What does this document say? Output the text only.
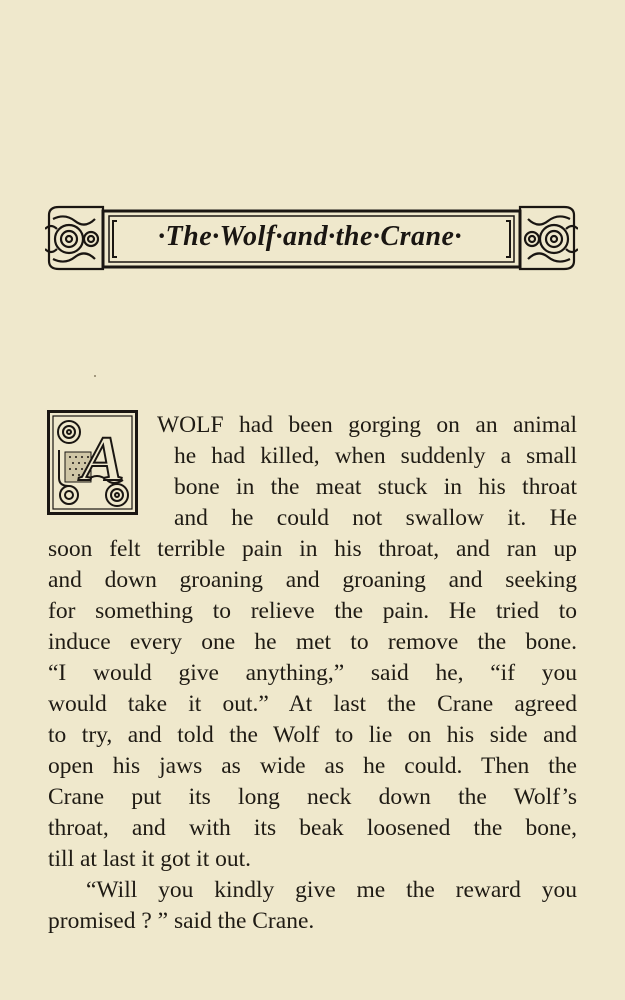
·The·Wolf·and·the·Crane·
A WOLF had been gorging on an animal
he had killed, when suddenly a small
bone in the meat stuck in his throat
and he could not swallow it. He
soon felt terrible pain in his throat, and ran up
and down groaning and groaning and seeking
for something to relieve the pain. He tried to
induce every one he met to remove the bone.
“I would give anything,” said he, “if you
would take it out.” At last the Crane agreed
to try, and told the Wolf to lie on his side and
open his jaws as wide as he could. Then the
Crane put its long neck down the Wolf’s
throat, and with its beak loosened the bone,
till at last it got it out.
“Will you kindly give me the reward you
promised ? ” said the Crane.
